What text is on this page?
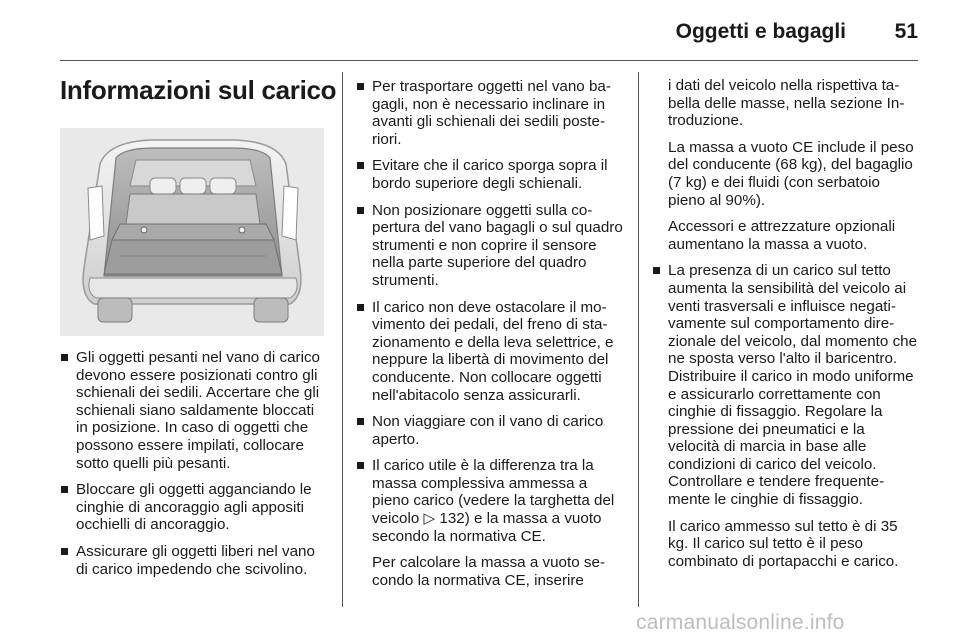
Oggetti e bagagli 51
Informazioni sul carico
Gli oggetti pesanti nel vano di carico devono essere posizionati contro gli schienali dei sedili. Accertare che gli schienali siano saldamente bloccati in posizione. In caso di oggetti che possono essere impilati, collocare sotto quelli più pesanti.
Bloccare gli oggetti agganciando le cinghie di ancoraggio agli appositi occhielli di ancoraggio.
Assicurare gli oggetti liberi nel vano di carico impedendo che scivolino.
Per trasportare oggetti nel vano bagagli, non è necessario inclinare in avanti gli schienali dei sedili posteriori.
Evitare che il carico sporga sopra il bordo superiore degli schienali.
Non posizionare oggetti sulla copertura del vano bagagli o sul quadro strumenti e non coprire il sensore nella parte superiore del quadro strumenti.
Il carico non deve ostacolare il movimento dei pedali, del freno di stazionamento e della leva selettrice, e neppure la libertà di movimento del conducente. Non collocare oggetti nell'abitacolo senza assicurarli.
Non viaggiare con il vano di carico aperto.
Il carico utile è la differenza tra la massa complessiva ammessa a pieno carico (vedere la targhetta del veicolo ▷ 132) e la massa a vuoto secondo la normativa CE.
Per calcolare la massa a vuoto secondo la normativa CE, inserire
i dati del veicolo nella rispettiva tabella delle masse, nella sezione Introduzione.
La massa a vuoto CE include il peso del conducente (68 kg), del bagaglio (7 kg) e dei fluidi (con serbatoio pieno al 90%).
Accessori e attrezzature opzionali aumentano la massa a vuoto.
La presenza di un carico sul tetto aumenta la sensibilità del veicolo ai venti trasversali e influisce negativamente sul comportamento direzionale del veicolo, dal momento che ne sposta verso l'alto il baricentro. Distribuire il carico in modo uniforme e assicurarlo correttamente con cinghie di fissaggio. Regolare la pressione dei pneumatici e la velocità di marcia in base alle condizioni di carico del veicolo. Controllare e tendere frequentemente le cinghie di fissaggio.
Il carico ammesso sul tetto è di 35 kg. Il carico sul tetto è il peso combinato di portapacchi e carico.
carmanualsonline.info
